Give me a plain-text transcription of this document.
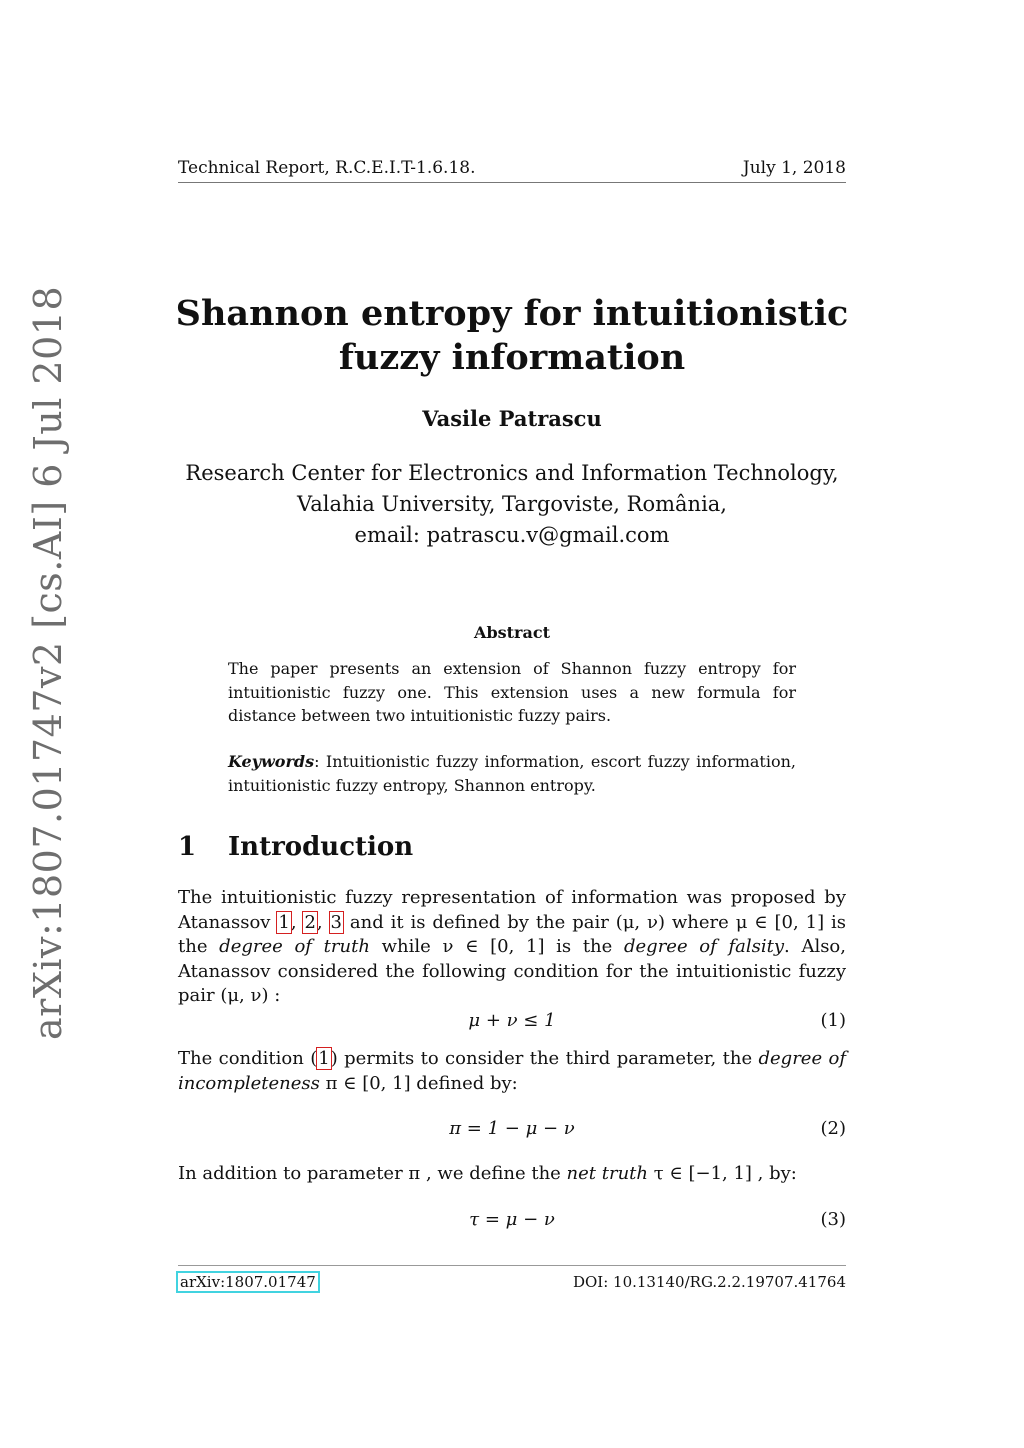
Technical Report, R.C.E.I.T-1.6.18.	July 1, 2018
arXiv:1807.01747v2 [cs.AI] 6 Jul 2018	Shannon entropy for intuitionistic
fuzzy information
Vasile Patrascu
Research Center for Electronics and Information Technology,
Valahia University, Targoviste, România,
email: patrascu.v@gmail.com
Abstract
The paper presents an extension of Shannon fuzzy entropy for intuitionistic fuzzy one. This extension uses a new formula for distance between two intuitionistic fuzzy pairs.
Keywords: Intuitionistic fuzzy information, escort fuzzy information, intuitionistic fuzzy entropy, Shannon entropy.
1 Introduction
The intuitionistic fuzzy representation of information was proposed by Atanassov 1, 2, 3 and it is defined by the pair (μ, ν) where μ ∈ [0, 1] is the degree of truth while ν ∈ [0, 1] is the degree of falsity. Also, Atanassov considered the following condition for the intuitionistic fuzzy pair (μ, ν) :
μ + ν ≤ 1	(1)
The condition (1) permits to consider the third parameter, the degree of incompleteness π ∈ [0, 1] defined by:
π = 1 − μ − ν	(2)
In addition to parameter π , we define the net truth τ ∈ [−1, 1] , by:
τ = μ − ν	(3)
arXiv:1807.01747	DOI: 10.13140/RG.2.2.19707.41764
